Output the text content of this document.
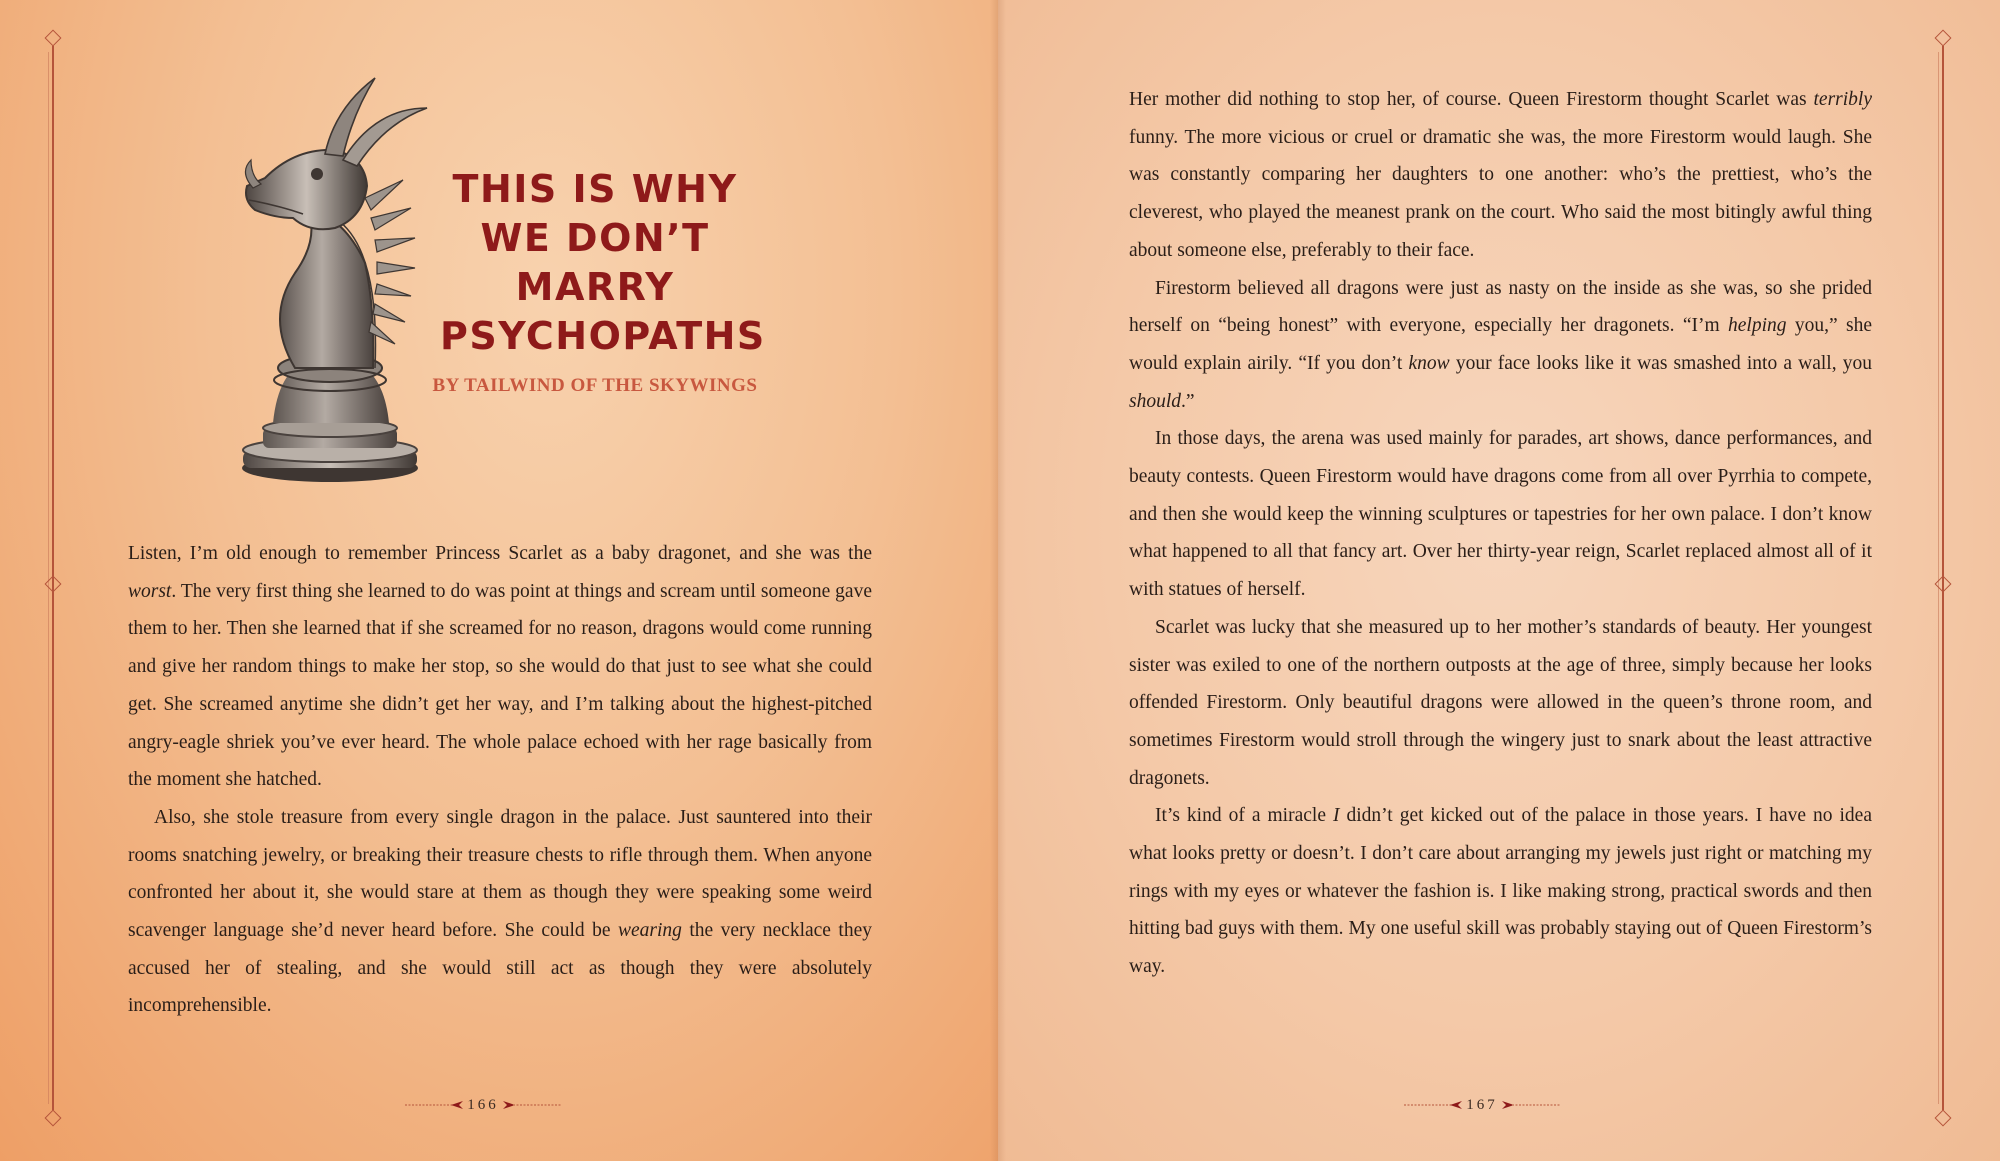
THIS IS WHY
WE DON’T
MARRY
PSYCHOPATHS
BY TAILWIND OF THE SKYWINGS

Listen, I’m old enough to remember Princess Scarlet as a baby dragonet, and she was the worst. The very first thing she learned to do was point at things and scream until someone gave them to her. Then she learned that if she screamed for no reason, dragons would come running and give her random things to make her stop, so she would do that just to see what she could get. She screamed anytime she didn’t get her way, and I’m talking about the highest-pitched angry-eagle shriek you’ve ever heard. The whole palace echoed with her rage basically from the moment she hatched.

Also, she stole treasure from every single dragon in the palace. Just sauntered into their rooms snatching jewelry, or breaking their treasure chests to rifle through them. When anyone confronted her about it, she would stare at them as though they were speaking some weird scavenger language she’d never heard before. She could be wearing the very necklace they accused her of stealing, and she would still act as though they were absolutely incomprehensible.

166

Her mother did nothing to stop her, of course. Queen Firestorm thought Scarlet was terribly funny. The more vicious or cruel or dramatic she was, the more Firestorm would laugh. She was constantly comparing her daughters to one another: who’s the prettiest, who’s the cleverest, who played the meanest prank on the court. Who said the most bitingly awful thing about someone else, preferably to their face.

Firestorm believed all dragons were just as nasty on the inside as she was, so she prided herself on “being honest” with everyone, especially her dragonets. “I’m helping you,” she would explain airily. “If you don’t know your face looks like it was smashed into a wall, you should.”

In those days, the arena was used mainly for parades, art shows, dance performances, and beauty contests. Queen Firestorm would have dragons come from all over Pyrrhia to compete, and then she would keep the winning sculptures or tapestries for her own palace. I don’t know what happened to all that fancy art. Over her thirty-year reign, Scarlet replaced almost all of it with statues of herself.

Scarlet was lucky that she measured up to her mother’s standards of beauty. Her youngest sister was exiled to one of the northern outposts at the age of three, simply because her looks offended Firestorm. Only beautiful dragons were allowed in the queen’s throne room, and sometimes Firestorm would stroll through the wingery just to snark about the least attractive dragonets.

It’s kind of a miracle I didn’t get kicked out of the palace in those years. I have no idea what looks pretty or doesn’t. I don’t care about arranging my jewels just right or matching my rings with my eyes or whatever the fashion is. I like making strong, practical swords and then hitting bad guys with them. My one useful skill was probably staying out of Queen Firestorm’s way.

167
